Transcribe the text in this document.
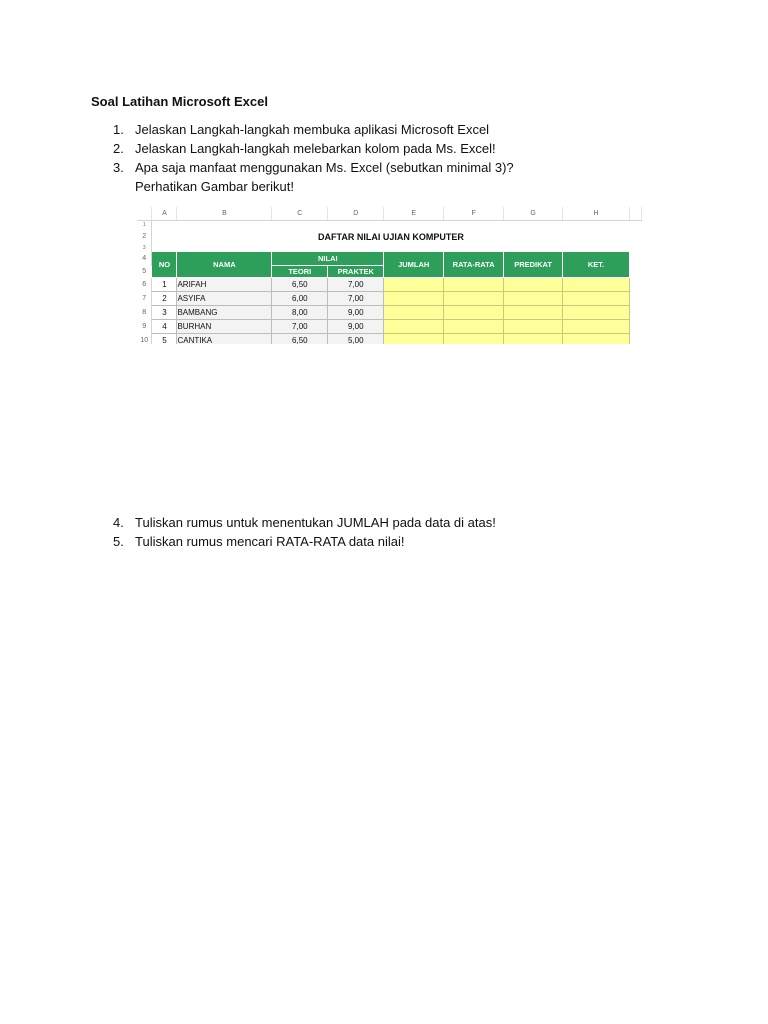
Soal Latihan Microsoft Excel
1. Jelaskan Langkah-langkah membuka aplikasi Microsoft Excel
2. Jelaskan Langkah-langkah melebarkan kolom pada Ms. Excel!
3. Apa saja manfaat menggunakan Ms. Excel (sebutkan minimal 3)?
Perhatikan Gambar berikut!
	A	B	C	D	E	F	G	H	
1									
2	DAFTAR NILAI UJIAN KOMPUTER								
3									
4	NO	NAMA	NILAI		JUMLAH	RATA-RATA	PREDIKAT	KET.	
5			TEORI	PRAKTEK					
6	1	ARIFAH	6,50	7,00					
7	2	ASYIFA	6,00	7,00					
8	3	BAMBANG	8,00	9,00					
9	4	BURHAN	7,00	9,00					
10	5	CANTIKA	6,50	5,00					
4. Tuliskan rumus untuk menentukan JUMLAH pada data di atas!
5. Tuliskan rumus mencari RATA-RATA data nilai!
